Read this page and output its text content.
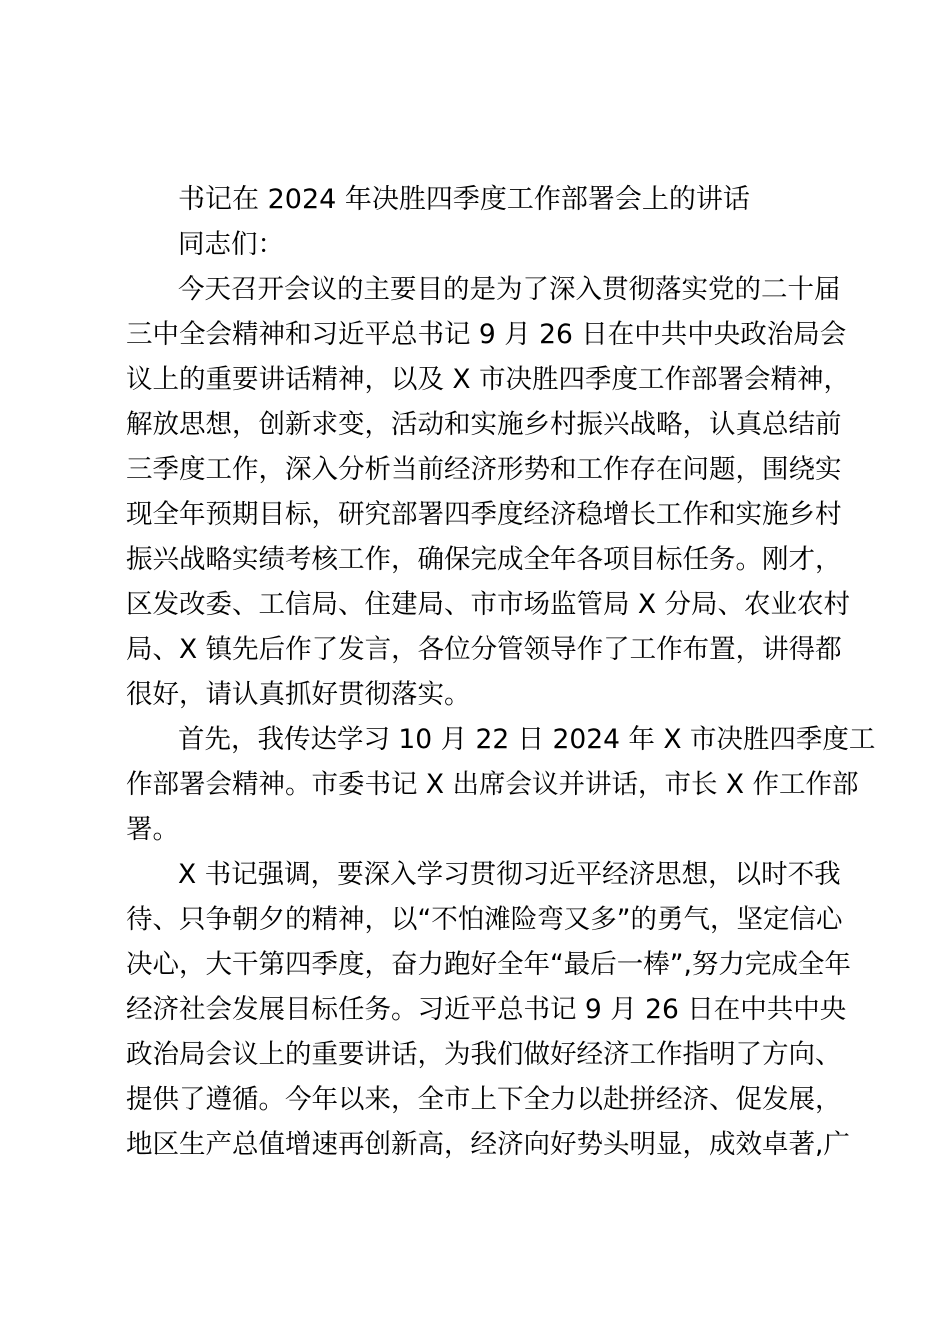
书记在 2024 年决胜四季度工作部署会上的讲话
同志们：
今天召开会议的主要目的是为了深入贯彻落实党的二十届
三中全会精神和习近平总书记 9 月 26 日在中共中央政治局会
议上的重要讲话精神，以及 X 市决胜四季度工作部署会精神，
解放思想，创新求变，活动和实施乡村振兴战略，认真总结前
三季度工作，深入分析当前经济形势和工作存在问题，围绕实
现全年预期目标，研究部署四季度经济稳增长工作和实施乡村
振兴战略实绩考核工作，确保完成全年各项目标任务。刚才，
区发改委、工信局、住建局、市市场监管局 X 分局、农业农村
局、X 镇先后作了发言，各位分管领导作了工作布置，讲得都
很好，请认真抓好贯彻落实。
首先，我传达学习 10 月 22 日 2024 年 X 市决胜四季度工
作部署会精神。市委书记 X 出席会议并讲话，市长 X 作工作部
署。
X 书记强调，要深入学习贯彻习近平经济思想，以时不我
待、只争朝夕的精神，以“不怕滩险弯又多”的勇气，坚定信心
决心，大干第四季度，奋力跑好全年“最后一棒”,努力完成全年
经济社会发展目标任务。习近平总书记 9 月 26 日在中共中央
政治局会议上的重要讲话，为我们做好经济工作指明了方向、
提供了遵循。今年以来，全市上下全力以赴拼经济、促发展，
地区生产总值增速再创新高，经济向好势头明显，成效卓著,广
